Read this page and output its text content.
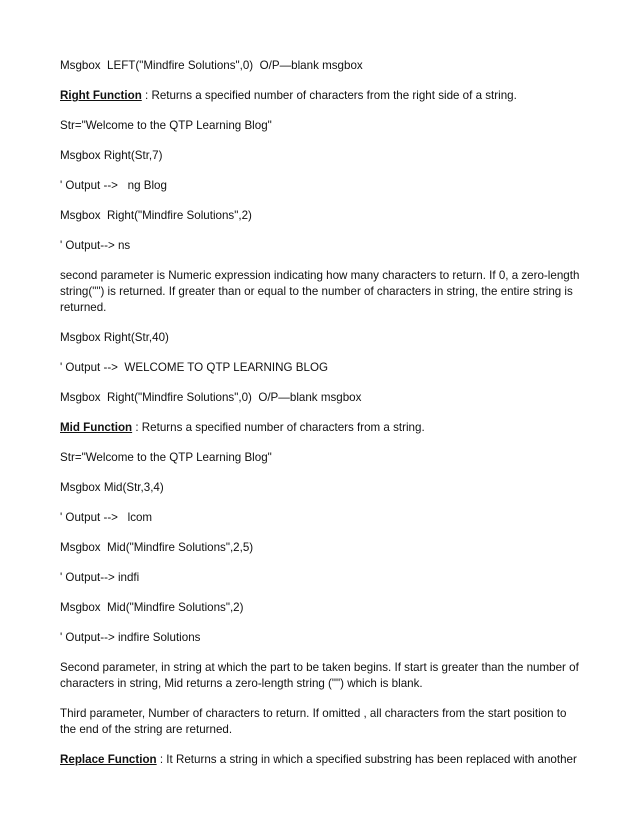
Msgbox  LEFT("Mindfire Solutions",0)  O/P—blank msgbox

Right Function : Returns a specified number of characters from the right side of a string.

Str="Welcome to the QTP Learning Blog"

Msgbox Right(Str,7)

' Output -->   ng Blog

Msgbox  Right("Mindfire Solutions",2)

' Output--> ns

second parameter is Numeric expression indicating how many characters to return. If 0, a zero-length string("") is returned. If greater than or equal to the number of characters in string, the entire string is returned.

Msgbox Right(Str,40)

' Output -->  WELCOME TO QTP LEARNING BLOG

Msgbox  Right("Mindfire Solutions",0)  O/P—blank msgbox

Mid Function : Returns a specified number of characters from a string.

Str="Welcome to the QTP Learning Blog"

Msgbox Mid(Str,3,4)

' Output -->   lcom

Msgbox  Mid("Mindfire Solutions",2,5)

' Output--> indfi

Msgbox  Mid("Mindfire Solutions",2)

' Output--> indfire Solutions

Second parameter, in string at which the part to be taken begins. If start is greater than the number of characters in string, Mid returns a zero-length string ("") which is blank.

Third parameter, Number of characters to return. If omitted , all characters from the start position to the end of the string are returned.

Replace Function : It Returns a string in which a specified substring has been replaced with another
